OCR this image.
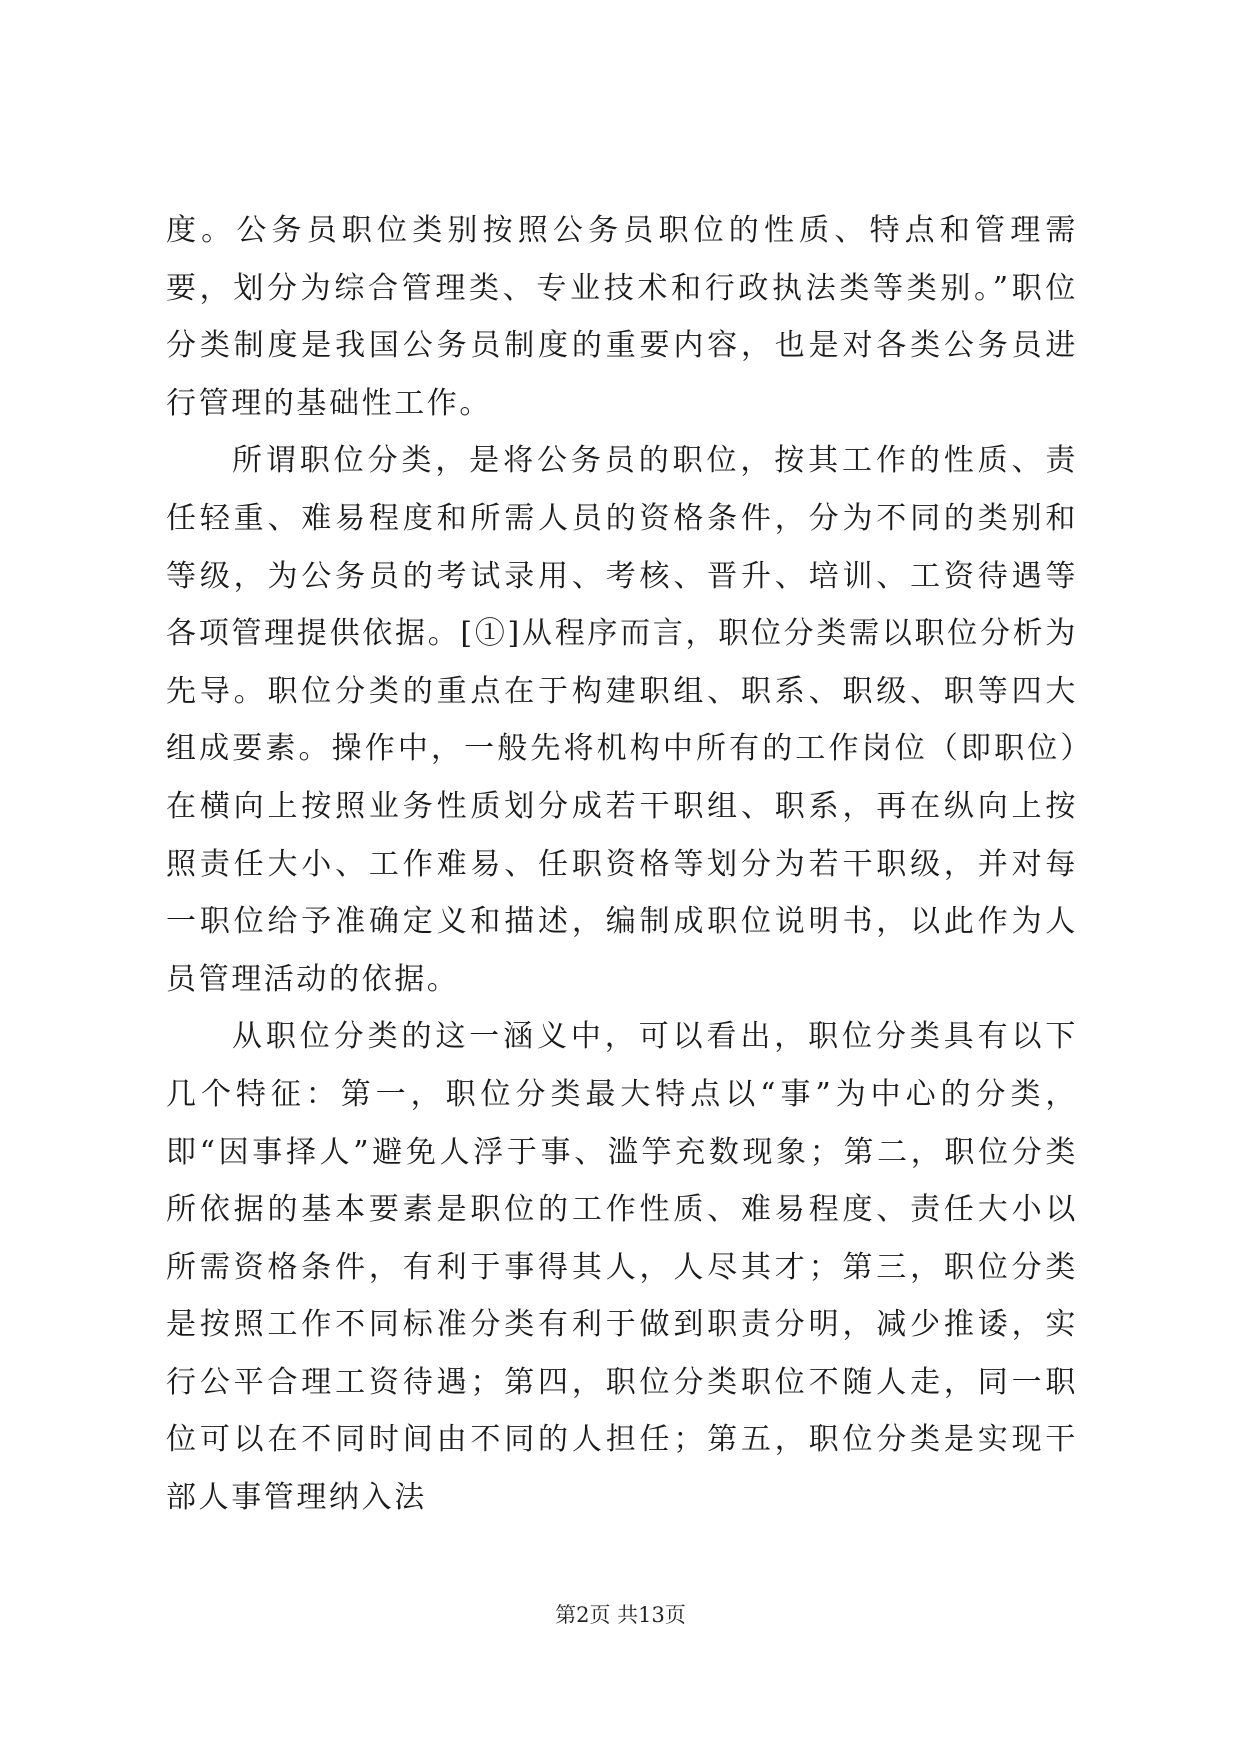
度。公务员职位类别按照公务员职位的性质、特点和管理需要，划分为综合管理类、专业技术和行政执法类等类别。”职位分类制度是我国公务员制度的重要内容，也是对各类公务员进行管理的基础性工作。

所谓职位分类，是将公务员的职位，按其工作的性质、责任轻重、难易程度和所需人员的资格条件，分为不同的类别和等级，为公务员的考试录用、考核、晋升、培训、工资待遇等各项管理提供依据。[①]从程序而言，职位分类需以职位分析为先导。职位分类的重点在于构建职组、职系、职级、职等四大组成要素。操作中，一般先将机构中所有的工作岗位（即职位）在横向上按照业务性质划分成若干职组、职系，再在纵向上按照责任大小、工作难易、任职资格等划分为若干职级，并对每一职位给予准确定义和描述，编制成职位说明书，以此作为人员管理活动的依据。

从职位分类的这一涵义中，可以看出，职位分类具有以下几个特征：第一，职位分类最大特点以“事”为中心的分类，即“因事择人”避免人浮于事、滥竽充数现象；第二，职位分类所依据的基本要素是职位的工作性质、难易程度、责任大小以所需资格条件，有利于事得其人，人尽其才；第三，职位分类是按照工作不同标准分类有利于做到职责分明，减少推诿，实行公平合理工资待遇；第四，职位分类职位不随人走，同一职位可以在不同时间由不同的人担任；第五，职位分类是实现干部人事管理纳入法

第2页 共13页
